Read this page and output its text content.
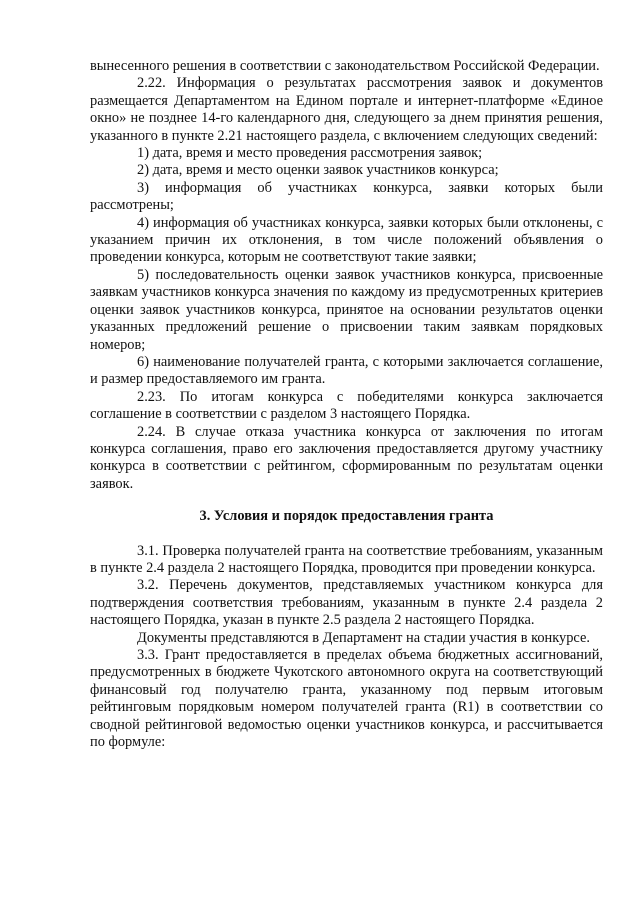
вынесенного решения в соответствии с законодательством Российской Федерации.

2.22. Информация о результатах рассмотрения заявок и документов размещается Департаментом на Едином портале и интернет-платформе «Единое окно» не позднее 14-го календарного дня, следующего за днем принятия решения, указанного в пункте 2.21 настоящего раздела, с включением следующих сведений:

1) дата, время и место проведения рассмотрения заявок;

2) дата, время и место оценки заявок участников конкурса;

3) информация об участниках конкурса, заявки которых были рассмотрены;

4) информация об участниках конкурса, заявки которых были отклонены, с указанием причин их отклонения, в том числе положений объявления о проведении конкурса, которым не соответствуют такие заявки;

5) последовательность оценки заявок участников конкурса, присвоенные заявкам участников конкурса значения по каждому из предусмотренных критериев оценки заявок участников конкурса, принятое на основании результатов оценки указанных предложений решение о присвоении таким заявкам порядковых номеров;

6) наименование получателей гранта, с которыми заключается соглашение, и размер предоставляемого им гранта.

2.23. По итогам конкурса с победителями конкурса заключается соглашение в соответствии с разделом 3 настоящего Порядка.

2.24. В случае отказа участника конкурса от заключения по итогам конкурса соглашения, право его заключения предоставляется другому участнику конкурса в соответствии с рейтингом, сформированным по результатам оценки заявок.

3. Условия и порядок предоставления гранта

3.1. Проверка получателей гранта на соответствие требованиям, указанным в пункте 2.4 раздела 2 настоящего Порядка, проводится при проведении конкурса.

3.2. Перечень документов, представляемых участником конкурса для подтверждения соответствия требованиям, указанным в пункте 2.4 раздела 2 настоящего Порядка, указан в пункте 2.5 раздела 2 настоящего Порядка.

Документы представляются в Департамент на стадии участия в конкурсе.

3.3. Грант предоставляется в пределах объема бюджетных ассигнований, предусмотренных в бюджете Чукотского автономного округа на соответствующий финансовый год получателю гранта, указанному под первым итоговым рейтинговым порядковым номером получателей гранта (R1) в соответствии со сводной рейтинговой ведомостью оценки участников конкурса, и рассчитывается по формуле:
